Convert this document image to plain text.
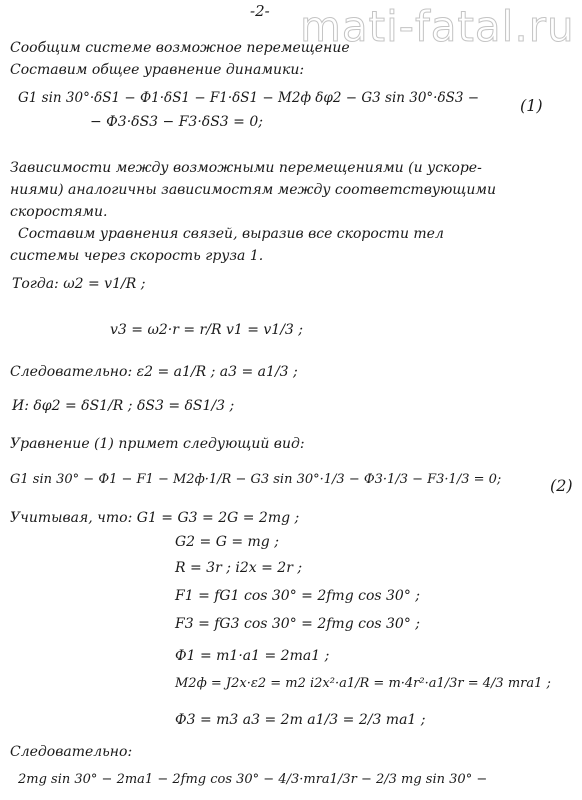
-2- mati-fatal.ru
Сообщим системе возможное перемещение
Составим общее уравнение динамики:
G1 sin 30°·δS1 − Ф1·δS1 − F1·δS1 − M2ф δφ2 − G3 sin 30°·δS3 −
− Ф3·δS3 − F3·δS3 = 0;
(1)
Зависимости между возможными перемещениями (и ускоре-
ниями) аналогичны зависимостям между соответствующими
скоростями.
Составим уравнения связей, выразив все скорости тел
системы через скорость груза 1.
Тогда: ω2 = v1/R ;
v3 = ω2·r = r/R v1 = v1/3 ;
Следовательно: ε2 = a1/R ; a3 = a1/3 ;
И: δφ2 = δS1/R ; δS3 = δS1/3 ;
Уравнение (1) примет следующий вид:
G1 sin 30° − Ф1 − F1 − M2ф·1/R − G3 sin 30°·1/3 − Ф3·1/3 − F3·1/3 = 0;	(2)
Учитывая, что: G1 = G3 = 2G = 2mg ;
G2 = G = mg ;
R = 3r ; i2x = 2r ;
F1 = fG1 cos 30° = 2fmg cos 30° ;
F3 = fG3 cos 30° = 2fmg cos 30° ;
Ф1 = m1·a1 = 2ma1 ;
M2ф = J2x·ε2 = m2 i2x²·a1/R = m·4r²·a1/3r = 4/3 mra1 ;
Ф3 = m3 a3 = 2m a1/3 = 2/3 ma1 ;
Следовательно:
2mg sin 30° − 2ma1 − 2fmg cos 30° − 4/3·mra1/3r − 2/3 mg sin 30° −
